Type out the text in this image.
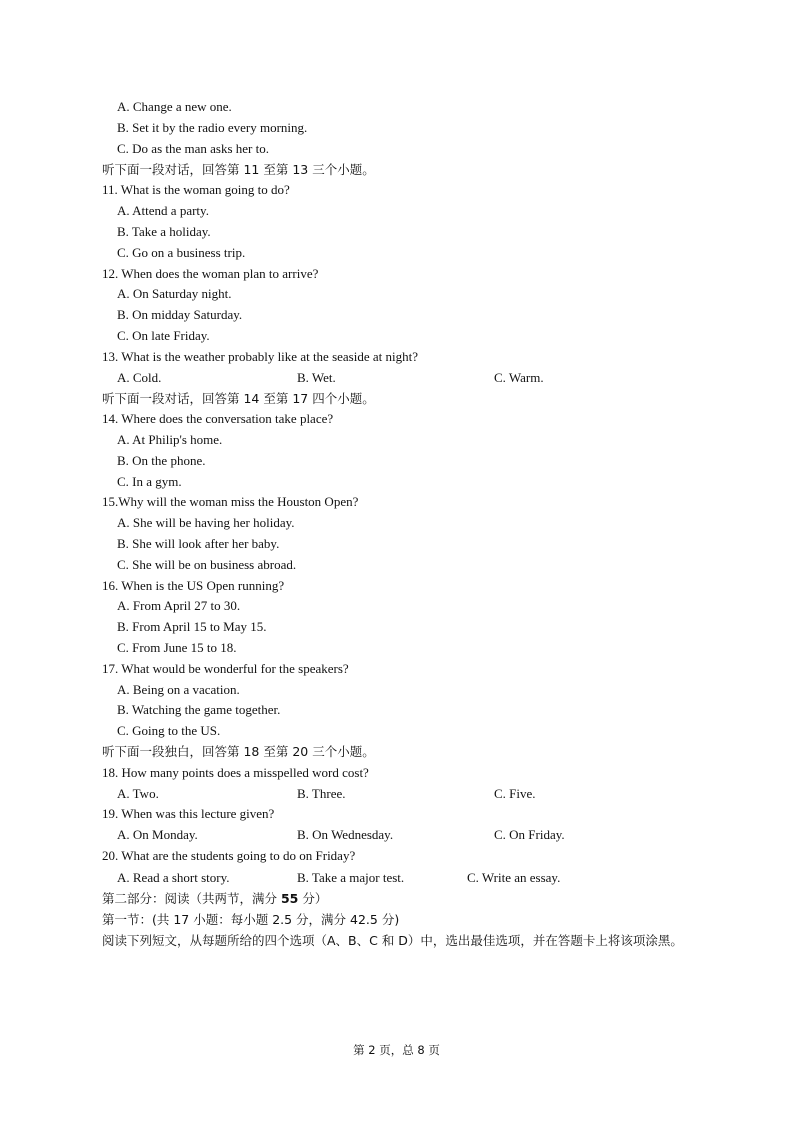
A. Change a new one.
B. Set it by the radio every morning.
C. Do as the man asks her to.
听下面一段对话，回答第 11 至第 13 三个小题。
11. What is the woman going to do?
A. Attend a party.
B. Take a holiday.
C. Go on a business trip.
12. When does the woman plan to arrive?
A. On Saturday night.
B. On midday Saturday.
C. On late Friday.
13. What is the weather probably like at the seaside at night?
A. Cold.	B. Wet.	C. Warm.
听下面一段对话，回答第 14 至第 17 四个小题。
14. Where does the conversation take place?
A. At Philip's home.
B. On the phone.
C. In a gym.
15.Why will the woman miss the Houston Open?
A. She will be having her holiday.
B. She will look after her baby.
C. She will be on business abroad.
16. When is the US Open running?
A. From April 27 to 30.
B. From April 15 to May 15.
C. From June 15 to 18.
17. What would be wonderful for the speakers?
A. Being on a vacation.
B. Watching the game together.
C. Going to the US.
听下面一段独白，回答第 18 至第 20 三个小题。
18. How many points does a misspelled word cost?
A. Two.	B. Three.	C. Five.
19. When was this lecture given?
A. On Monday.	B. On Wednesday.	C. On Friday.
20. What are the students going to do on Friday?
A. Read a short story.	B. Take a major test.	C. Write an essay.
第二部分：阅读（共两节，满分 55 分）
第一节：(共 17 小题：每小题 2.5 分，满分 42.5 分)
阅读下列短文，从每题所给的四个选项（A、B、C 和 D）中，选出最佳选项，并在答题卡上将该项涂黑。
第 2 页，总 8 页
